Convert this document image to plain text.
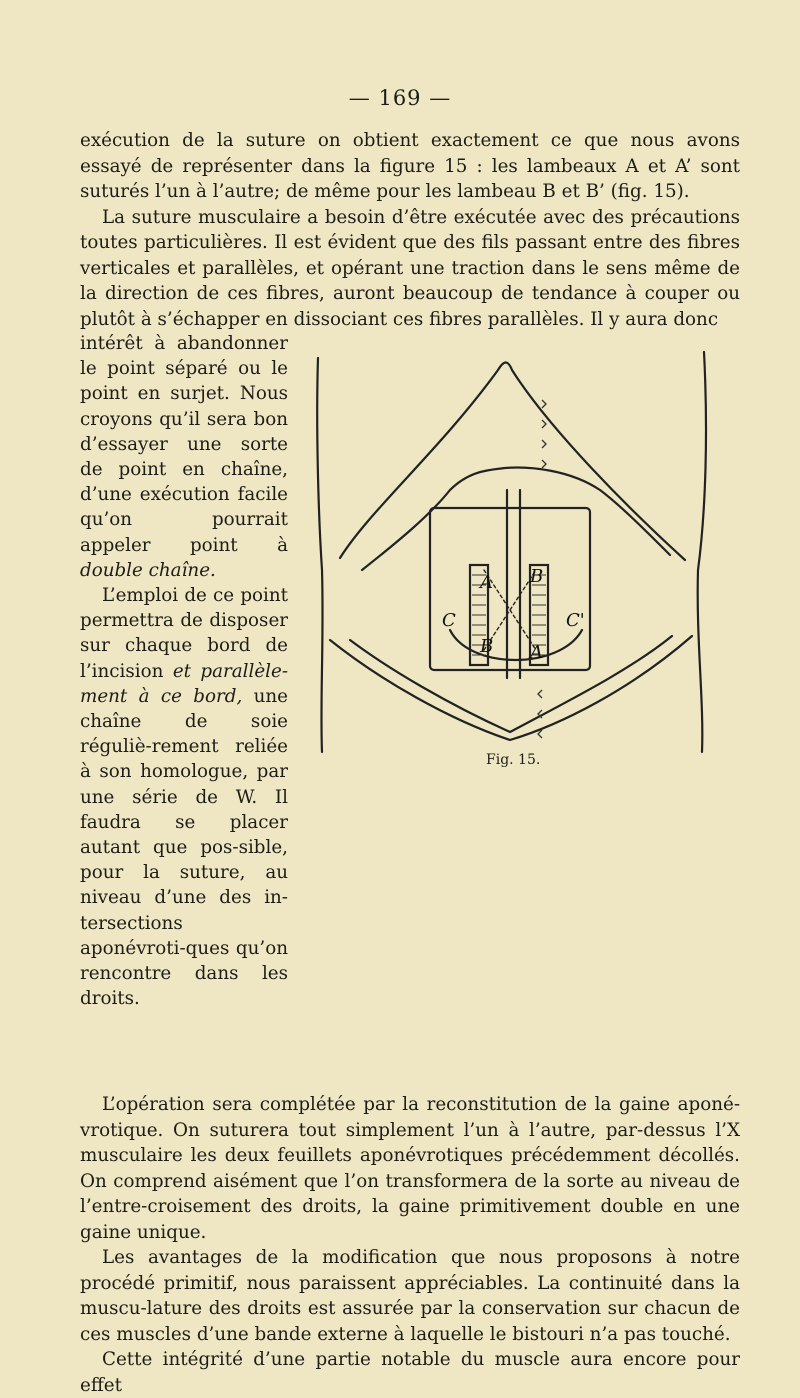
— 169 —

exécution de la suture on obtient exactement ce que nous avons essayé de représenter dans la figure 15 : les lambeaux A et A’ sont suturés l’un à l’autre; de même pour les lambeau B et B’ (fig. 15).

La suture musculaire a besoin d’être exécutée avec des précautions toutes particulières. Il est évident que des fils passant entre des fibres verticales et parallèles, et opérant une traction dans le sens même de la direction de ces fibres, auront beaucoup de tendance à couper ou plutôt à s’échapper en dissociant ces fibres parallèles. Il y aura donc

intérêt à abandonner le point séparé ou le point en surjet. Nous croyons qu’il sera bon d’essayer une sorte de point en chaîne, d’une exécution facile qu’on pourrait appeler point à double chaîne.

L’emploi de ce point permettra de disposer sur chaque bord de l’incision et parallèle-ment à ce bord, une chaîne de soie réguliè-rement reliée à son homologue, par une série de W. Il faudra se placer autant que pos-sible, pour la suture, au niveau d’une des in-tersections aponévroti-ques qu’on rencontre dans les droits.

A B
B A
C	C'
Fig. 15.

L’opération sera complétée par la reconstitution de la gaine aponé-vrotique. On suturera tout simplement l’un à l’autre, par-dessus l’X musculaire les deux feuillets aponévrotiques précédemment décollés. On comprend aisément que l’on transformera de la sorte au niveau de l’entre-croisement des droits, la gaine primitivement double en une gaine unique.

Les avantages de la modification que nous proposons à notre procédé primitif, nous paraissent appréciables. La continuité dans la muscu-lature des droits est assurée par la conservation sur chacun de ces muscles d’une bande externe à laquelle le bistouri n’a pas touché.

Cette intégrité d’une partie notable du muscle aura encore pour effet
